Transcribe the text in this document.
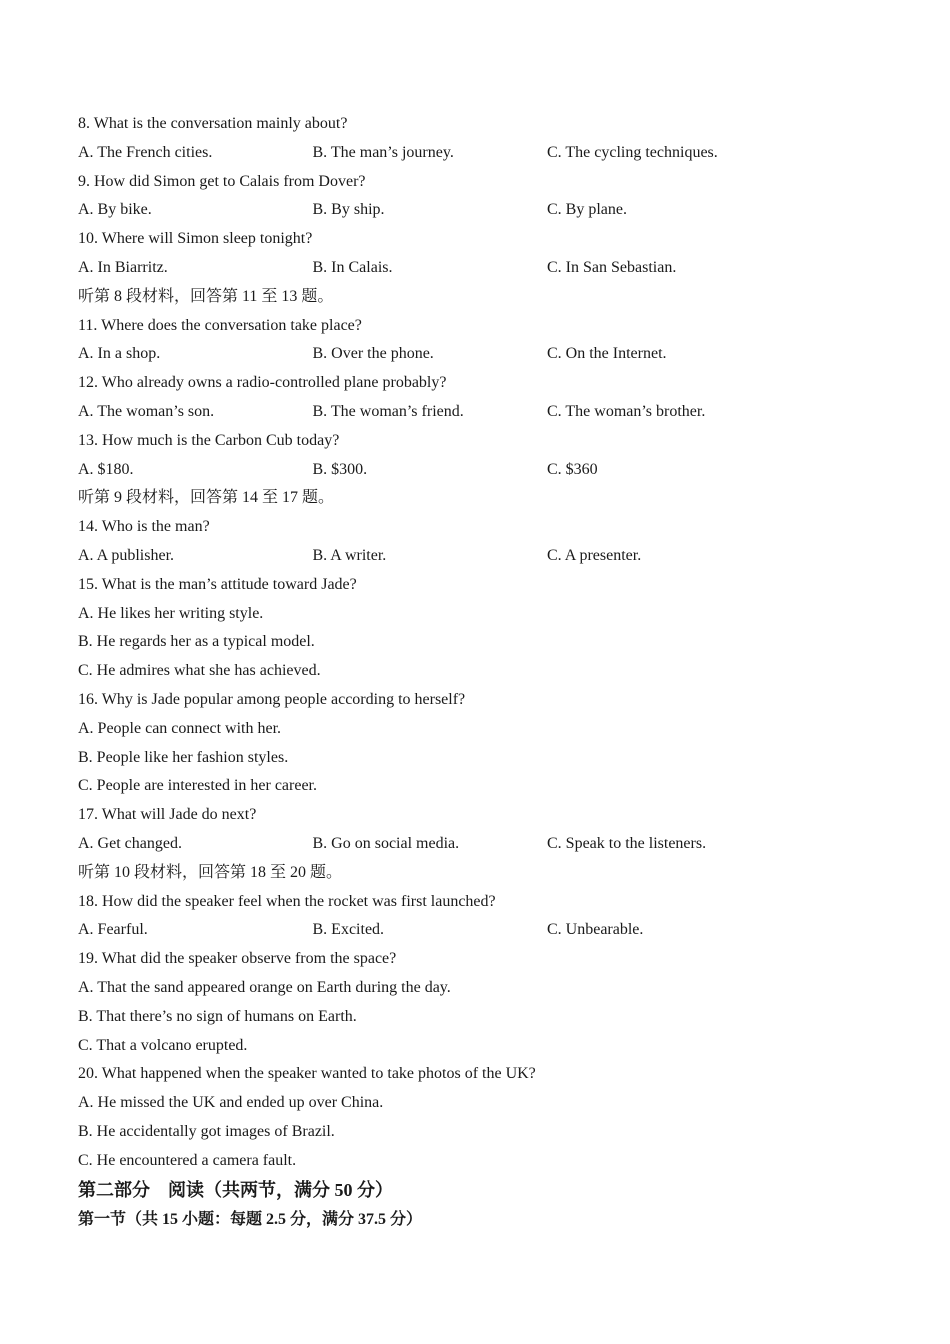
8. What is the conversation mainly about?
A. The French cities.	B. The man’s journey.	C. The cycling techniques.
9. How did Simon get to Calais from Dover?
A. By bike.	B. By ship.	C. By plane.
10. Where will Simon sleep tonight?
A. In Biarritz.	B. In Calais.	C. In San Sebastian.
听第 8 段材料，回答第 11 至 13 题。
11. Where does the conversation take place?
A. In a shop.	B. Over the phone.	C. On the Internet.
12. Who already owns a radio-controlled plane probably?
A. The woman’s son.	B. The woman’s friend.	C. The woman’s brother.
13. How much is the Carbon Cub today?
A. $180.	B. $300.	C. $360
听第 9 段材料，回答第 14 至 17 题。
14. Who is the man?
A. A publisher.	B. A writer.	C. A presenter.
15. What is the man’s attitude toward Jade?
A. He likes her writing style.
B. He regards her as a typical model.
C. He admires what she has achieved.
16. Why is Jade popular among people according to herself?
A. People can connect with her.
B. People like her fashion styles.
C. People are interested in her career.
17. What will Jade do next?
A. Get changed.	B. Go on social media.	C. Speak to the listeners.
听第 10 段材料，回答第 18 至 20 题。
18. How did the speaker feel when the rocket was first launched?
A. Fearful.	B. Excited.	C. Unbearable.
19. What did the speaker observe from the space?
A. That the sand appeared orange on Earth during the day.
B. That there’s no sign of humans on Earth.
C. That a volcano erupted.
20. What happened when the speaker wanted to take photos of the UK?
A. He missed the UK and ended up over China.
B. He accidentally got images of Brazil.
C. He encountered a camera fault.
第二部分    阅读（共两节，满分 50 分）
第一节（共 15 小题：每题 2.5 分，满分 37.5 分）
